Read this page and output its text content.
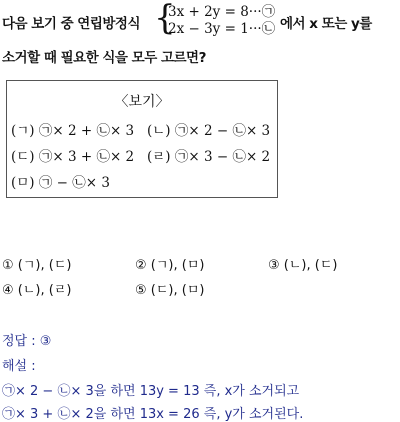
다음 보기 중 연립방정식 {
3x + 2y = 8···㉠
2x − 3y = 1···㉡ 에서 x 또는 y를
소거할 때 필요한 식을 모두 고르면?
〈보기〉
(ㄱ) ㉠× 2 + ㉡× 3 (ㄴ) ㉠× 2 − ㉡× 3
(ㄷ) ㉠× 3 + ㉡× 2 (ㄹ) ㉠× 3 − ㉡× 2
(ㅁ) ㉠ − ㉡× 3
① (ㄱ), (ㄷ)	② (ㄱ), (ㅁ)	③ (ㄴ), (ㄷ)
④ (ㄴ), (ㄹ)	⑤ (ㄷ), (ㅁ)
정답 : ③
해설 :
㉠× 2 − ㉡× 3을 하면 13y = 13 즉, x가 소거되고
㉠× 3 + ㉡× 2을 하면 13x = 26 즉, y가 소거된다.
